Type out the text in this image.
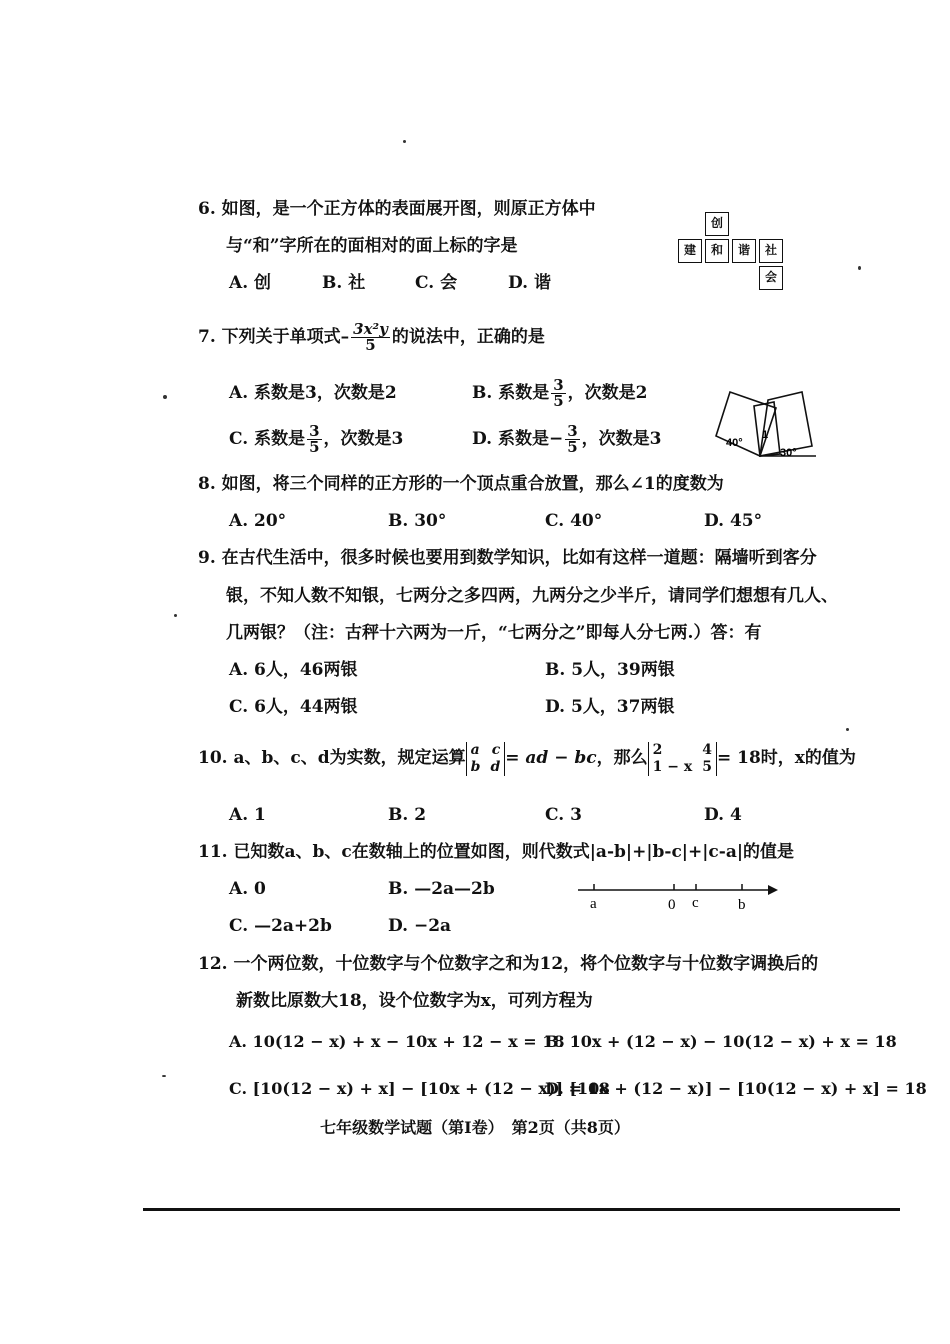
6. 如图，是一个正方体的表面展开图，则原正方体中
与“和”字所在的面相对的面上标的字是
A. 创	B. 社	C. 会	D. 谐
创
建	和	谐	社
会
7. 下列关于单项式– $\frac{\text{3x²y}}{5}$ 的说法中，正确的是
A. 系数是3，次数是2	B. 系数是 $\frac{3}{5}$ ，次数是2
C. 系数是 $\frac{3}{5}$ ，次数是3	D. 系数是− $\frac{3}{5}$ ，次数是3	40°
30°
1
8. 如图，将三个同样的正方形的一个顶点重合放置，那么∠1的度数为
A. 20°	B. 30°	C. 40°	D. 45°
9. 在古代生活中，很多时候也要用到数学知识，比如有这样一道题：隔墙听到客分
银，不知人数不知银，七两分之多四两，九两分之少半斤，请同学们想想有几人、
几两银？（注：古秤十六两为一斤，“七两分之”即每人分七两.）答：有
A. 6人，46两银	B. 5人，39两银
C. 6人，44两银	D. 5人，37两银
10. a、b、c、d为实数，规定运算 a c
b d = ad − bc，那么 2	4
1 − x 5 = 18时，x的值为
A. 1	B. 2	C. 3	D. 4
11. 已知数a、b、c在数轴上的位置如图，则代数式|a-b|+|b-c|+|c-a|的值是
A. 0	B. —2a—2b
C. —2a+2b	D. −2a
a	0 c	b
12. 一个两位数，十位数字与个位数字之和为12，将个位数字与十位数字调换后的
新数比原数大18，设个位数字为x，可列方程为
A. 10(12 − x) + x − 10x + 12 − x = 18
B. 10x + (12 − x) − 10(12 − x) + x = 18
C. [10(12 − x) + x] − [10x + (12 − x)] = 18
D. [10x + (12 − x)] − [10(12 − x) + x] = 18
七年级数学试题（第Ⅰ卷）　第2页（共8页）
